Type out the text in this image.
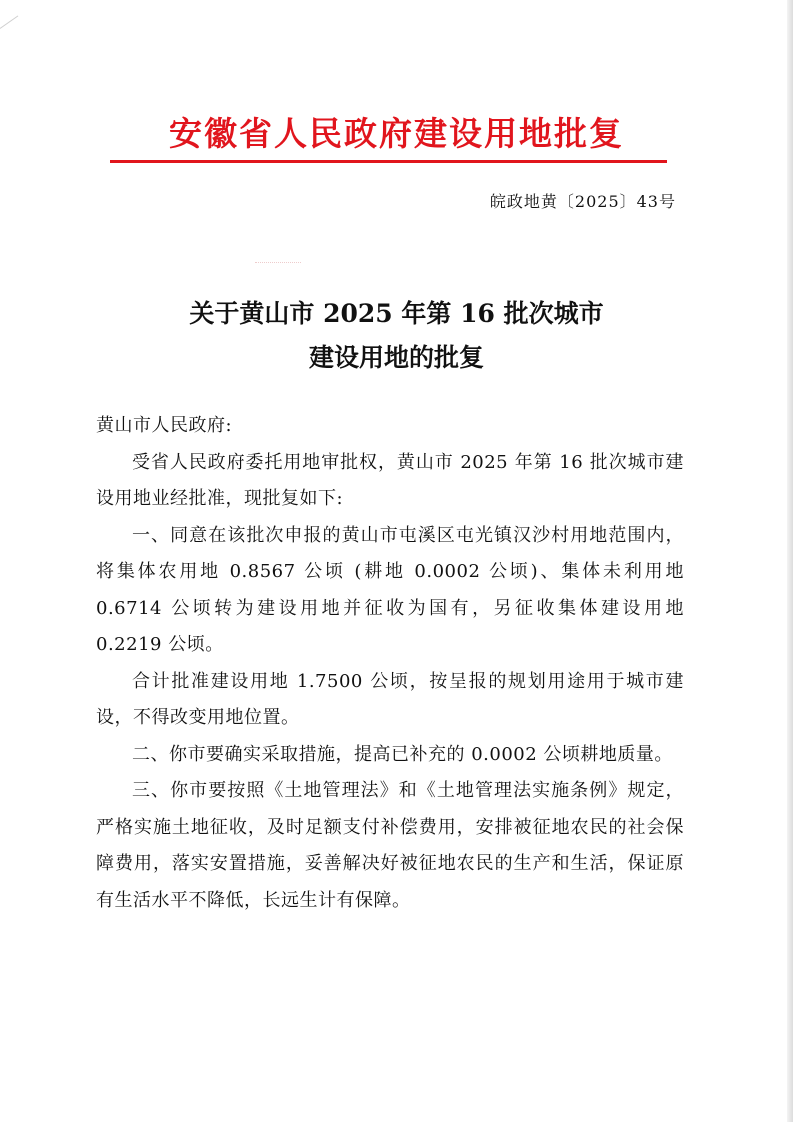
安徽省人民政府建设用地批复
皖政地黄〔2025〕43号
关于黄山市 2025 年第 16 批次城市
建设用地的批复

黄山市人民政府:

受省人民政府委托用地审批权，黄山市 2025 年第 16 批次城市建设用地业经批准，现批复如下:

一、同意在该批次申报的黄山市屯溪区屯光镇汉沙村用地范围内，将集体农用地 0.8567 公顷 (耕地 0.0002 公顷)、集体未利用地 0.6714 公顷转为建设用地并征收为国有，另征收集体建设用地 0.2219 公顷。

合计批准建设用地 1.7500 公顷，按呈报的规划用途用于城市建设，不得改变用地位置。

二、你市要确实采取措施，提高已补充的 0.0002 公顷耕地质量。

三、你市要按照《土地管理法》和《土地管理法实施条例》规定，严格实施土地征收，及时足额支付补偿费用，安排被征地农民的社会保障费用，落实安置措施，妥善解决好被征地农民的生产和生活，保证原有生活水平不降低，长远生计有保障。
